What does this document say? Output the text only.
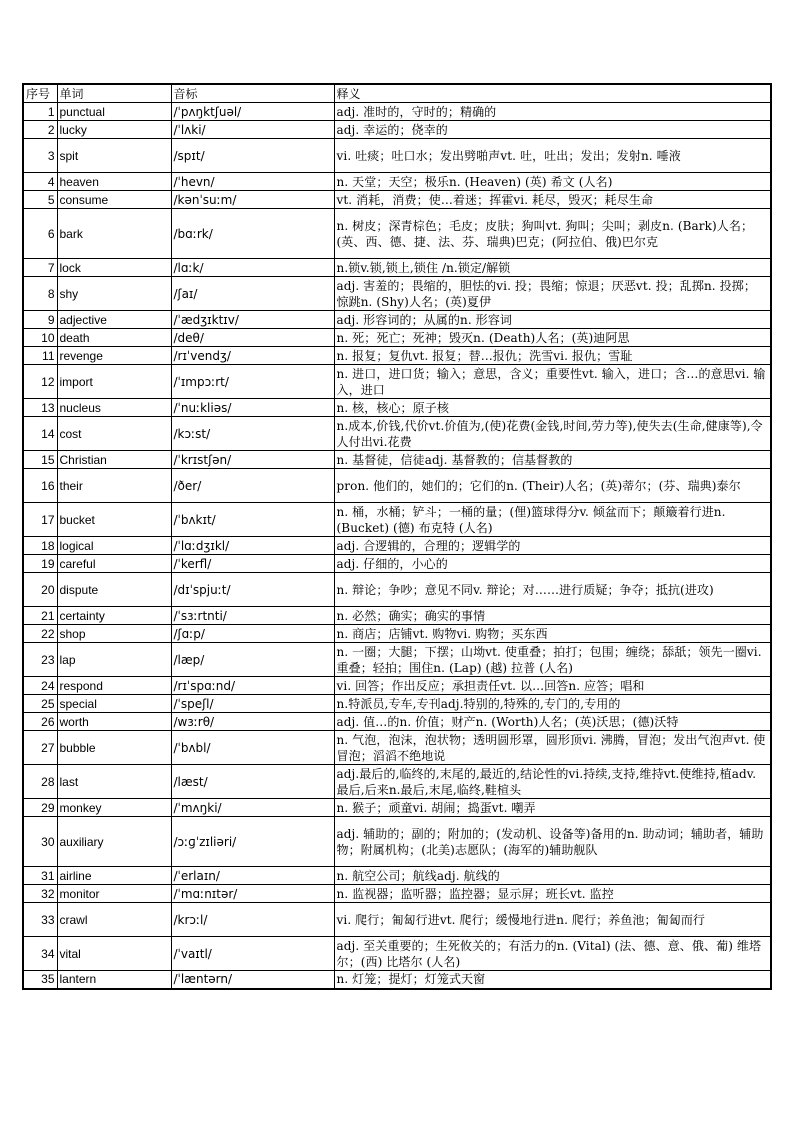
序号	单词	音标	释义
1	punctual	/ˈpʌŋktʃuəl/	adj. 准时的，守时的；精确的
2	lucky	/ˈlʌki/	adj. 幸运的；侥幸的
3	spit	/spɪt/	vi. 吐痰；吐口水；发出劈啪声vt. 吐，吐出；发出；发射n. 唾液
4	heaven	/ˈhevn/	n. 天堂；天空；极乐n. (Heaven) (英) 希文 (人名)
5	consume	/kənˈsuːm/	vt. 消耗，消费；使…着迷；挥霍vi. 耗尽，毁灭；耗尽生命
6	bark	/bɑːrk/	n. 树皮；深青棕色；毛皮；皮肤；狗叫vt. 狗叫；尖叫；剥皮n. (Bark)人名；(英、西、德、捷、法、芬、瑞典)巴克；(阿拉伯、俄)巴尔克
7	lock	/lɑːk/	n.锁v.锁,锁上,锁住 /n.锁定/解锁
8	shy	/ʃaɪ/	adj. 害羞的；畏缩的，胆怯的vi. 投；畏缩；惊退；厌恶vt. 投；乱掷n. 投掷；惊跳n. (Shy)人名；(英)夏伊
9	adjective	/ˈædʒɪktɪv/	adj. 形容词的；从属的n. 形容词
10	death	/deθ/	n. 死；死亡；死神；毁灭n. (Death)人名；(英)迪阿思
11	revenge	/rɪˈvendʒ/	n. 报复；复仇vt. 报复；替…报仇；洗雪vi. 报仇；雪耻
12	import	/ˈɪmpɔːrt/	n. 进口，进口货；输入；意思，含义；重要性vt. 输入，进口；含…的意思vi. 输入，进口
13	nucleus	/ˈnuːkliəs/	n. 核，核心；原子核
14	cost	/kɔːst/	n.成本,价钱,代价vt.价值为,(使)花费(金钱,时间,劳力等),使失去(生命,健康等),令人付出vi.花费
15	Christian	/ˈkrɪstʃən/	n. 基督徒，信徒adj. 基督教的；信基督教的
16	their	/ðer/	pron. 他们的，她们的；它们的n. (Their)人名；(英)蒂尔；(芬、瑞典)泰尔
17	bucket	/ˈbʌkɪt/	n. 桶，水桶；铲斗；一桶的量；(俚)篮球得分v. 倾盆而下；颠簸着行进n. (Bucket) (德) 布克特 (人名)
18	logical	/ˈlɑːdʒɪkl/	adj. 合逻辑的，合理的；逻辑学的
19	careful	/ˈkerfl/	adj. 仔细的，小心的
20	dispute	/dɪˈspjuːt/	n. 辩论；争吵；意见不同v. 辩论；对……进行质疑；争夺；抵抗(进攻)
21	certainty	/ˈsɜːrtnti/	n. 必然；确实；确实的事情
22	shop	/ʃɑːp/	n. 商店；店铺vt. 购物vi. 购物；买东西
23	lap	/læp/	n. 一圈；大腿；下摆；山坳vt. 使重叠；拍打；包围；缠绕；舔舐；领先一圈vi. 重叠；轻拍；围住n. (Lap) (越) 拉普 (人名)
24	respond	/rɪˈspɑːnd/	vi. 回答；作出反应；承担责任vt. 以…回答n. 应答；唱和
25	special	/ˈspeʃl/	n.特派员,专车,专刊adj.特别的,特殊的,专门的,专用的
26	worth	/wɜːrθ/	adj. 值…的n. 价值；财产n. (Worth)人名；(英)沃思；(德)沃特
27	bubble	/ˈbʌbl/	n. 气泡，泡沫，泡状物；透明圆形罩，圆形顶vi. 沸腾，冒泡；发出气泡声vt. 使冒泡；滔滔不绝地说
28	last	/læst/	adj.最后的,临终的,末尾的,最近的,结论性的vi.持续,支持,维持vt.使维持,植adv.最后,后来n.最后,末尾,临终,鞋楦头
29	monkey	/ˈmʌŋki/	n. 猴子；顽童vi. 胡闹；捣蛋vt. 嘲弄
30	auxiliary	/ɔːɡˈzɪliəri/	adj. 辅助的；副的；附加的；(发动机、设备等)备用的n. 助动词；辅助者，辅助物；附属机构；(北美)志愿队；(海军的)辅助舰队
31	airline	/ˈerlaɪn/	n. 航空公司；航线adj. 航线的
32	monitor	/ˈmɑːnɪtər/	n. 监视器；监听器；监控器；显示屏；班长vt. 监控
33	crawl	/krɔːl/	vi. 爬行；匍匐行进vt. 爬行；缓慢地行进n. 爬行；养鱼池；匍匐而行
34	vital	/ˈvaɪtl/	adj. 至关重要的；生死攸关的；有活力的n. (Vital) (法、德、意、俄、葡) 维塔尔；(西) 比塔尔 (人名)
35	lantern	/ˈlæntərn/	n. 灯笼；提灯；灯笼式天窗
